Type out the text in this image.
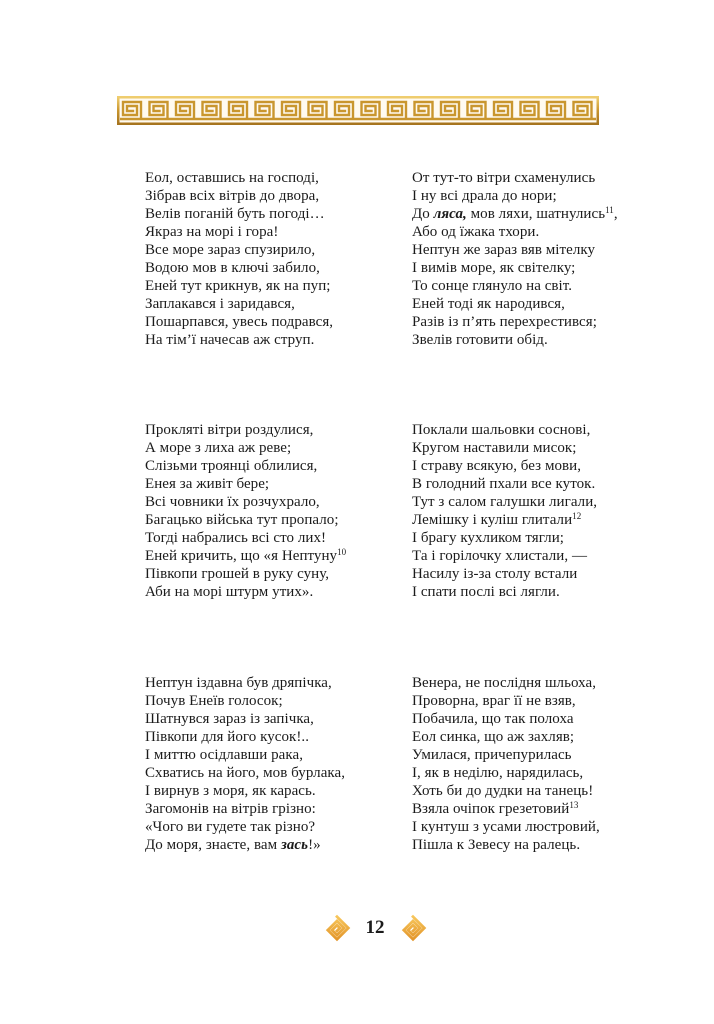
Еол, оставшись на господі,
Зібрав всіх вітрів до двора,
Велів поганій буть погоді…
Якраз на морі і гора!
Все море зараз спузирило,
Водою мов в ключі забило,
Еней тут крикнув, як на пуп;
Заплакався і заридався,
Пошарпався, увесь подрався,
На тім’ї начесав аж струп.
От тут-то вітри схаменулись
І ну всі драла до нори;
До ляса, мов ляхи, шатнулись$^{11}$,
Або од їжака тхори.
Нептун же зараз вяв мітелку
І вимів море, як світелку;
То сонце глянуло на світ.
Еней тоді як народився,
Разів із п’ять перехрестився;
Звелів готовити обід.
Прокляті вітри роздулися,
А море з лиха аж реве;
Слізьми троянці облилися,
Енея за живіт бере;
Всі човники їх розчухрало,
Багацько війська тут пропало;
Тогді набрались всі сто лих!
Еней кричить, що «я Нептуну$^{10}$
Півкопи грошей в руку суну,
Аби на морі штурм утих».
Поклали шальовки соснові,
Кругом наставили мисок;
І страву всякую, без мови,
В голодний пхали все куток.
Тут з салом галушки лигали,
Лемішку і куліш глитали$^{12}$
І брагу кухликом тягли;
Та і горілочку хлистали, —
Насилу із-за столу встали
І спати послі всі лягли.
Нептун іздавна був дряпічка,
Почув Енеїв голосок;
Шатнувся зараз із запічка,
Півкопи для його кусок!..
І миттю осідлавши рака,
Схватись на його, мов бурлака,
І вирнув з моря, як карась.
Загомонів на вітрів грізно:
«Чого ви гудете так різно?
До моря, знаєте, вам зась!»
Венера, не послідня шльоха,
Проворна, враг її не взяв,
Побачила, що так полоха
Еол синка, що аж захляв;
Умилася, причепурилась
І, як в неділю, нарядилась,
Хоть би до дудки на танець!
Взяла очіпок грезетовий$^{13}$
І кунтуш з усами люстровий,
Пішла к Зевесу на ралець.
12
